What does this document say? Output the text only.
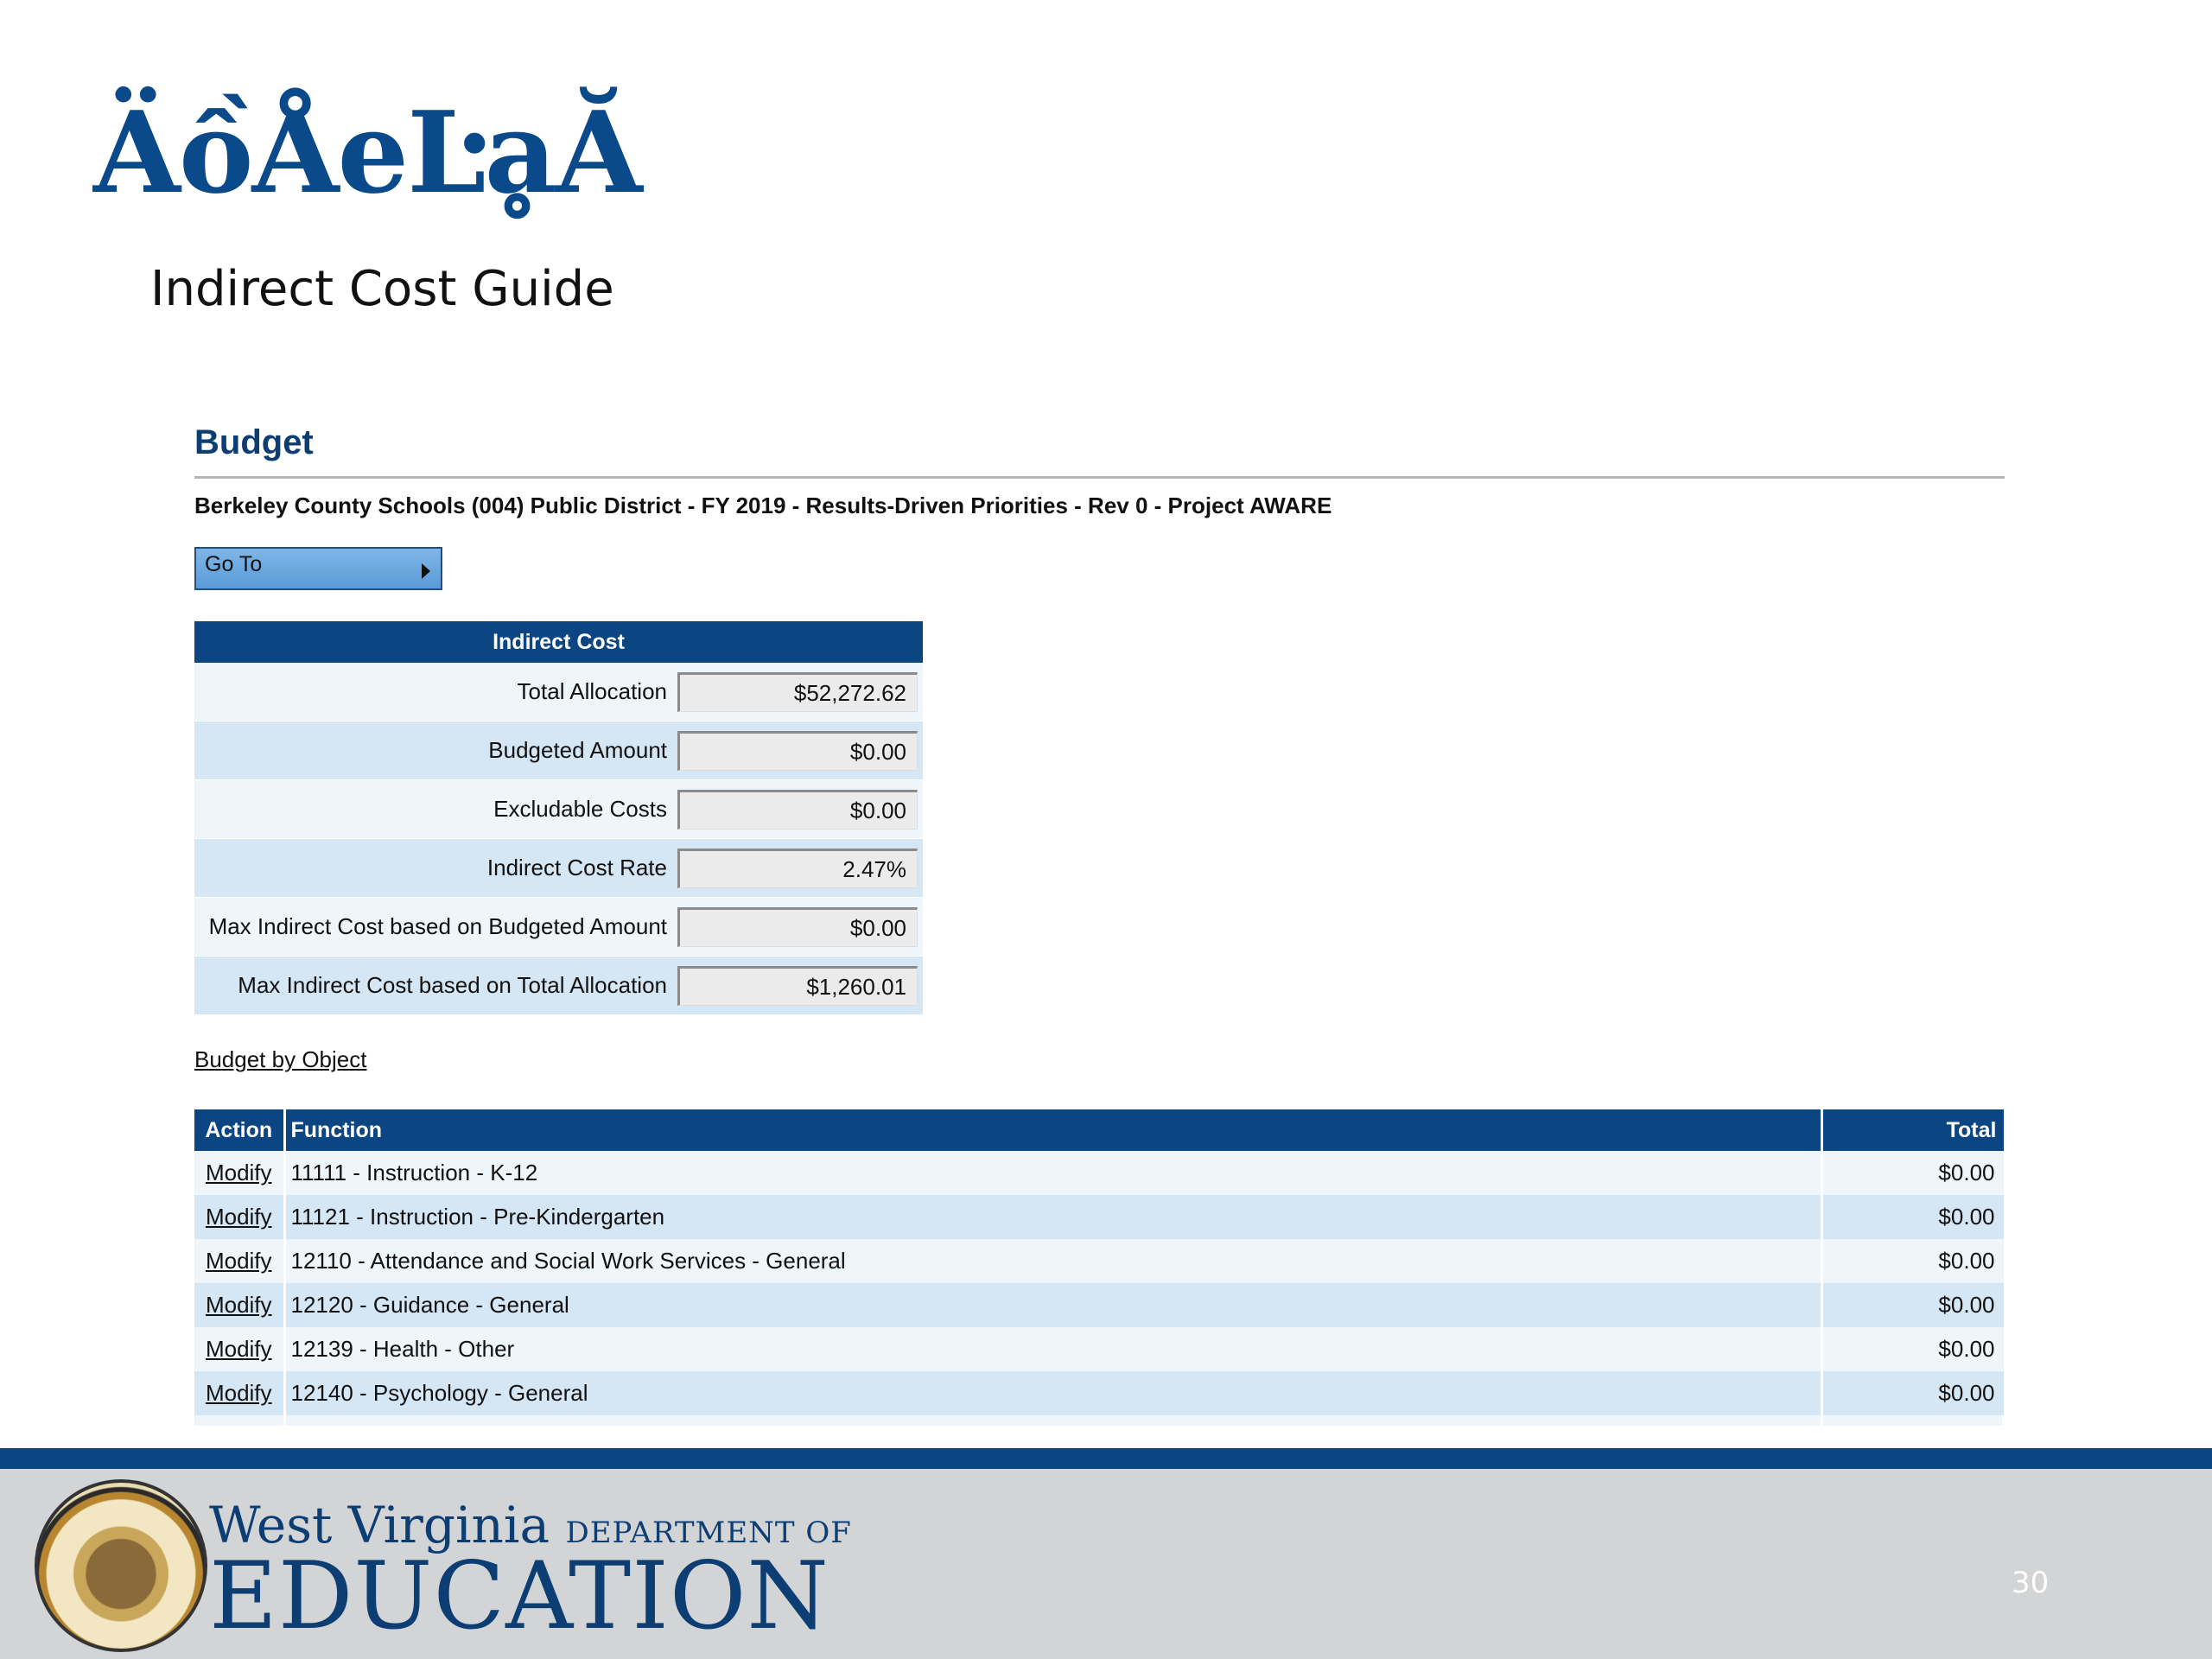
ÄồÅeĿḁĂ
Indirect Cost Guide
Budget
Berkeley County Schools (004) Public District - FY 2019 - Results-Driven Priorities - Rev 0 - Project AWARE
Go To
Indirect Cost
Total Allocation	$52,272.62
Budgeted Amount	$0.00
Excludable Costs	$0.00
Indirect Cost Rate	2.47%
Max Indirect Cost based on Budgeted Amount	$0.00
Max Indirect Cost based on Total Allocation	$1,260.01
Budget by Object
Action	Function	Total
Modify	11111 - Instruction - K-12	$0.00
Modify	11121 - Instruction - Pre-Kindergarten	$0.00
Modify	12110 - Attendance and Social Work Services - General	$0.00
Modify	12120 - Guidance - General	$0.00
Modify	12139 - Health - Other	$0.00
Modify	12140 - Psychology - General	$0.00

West Virginia DEPARTMENT OF
EDUCATION	30
